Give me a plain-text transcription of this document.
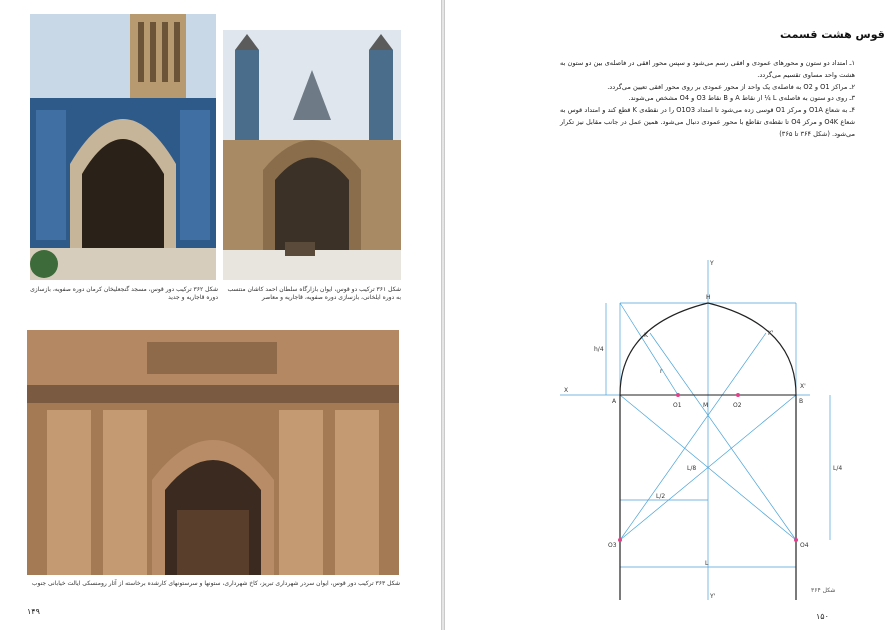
شکل ۳۶۲ ترکیب دور قوس، مسجد گنجعلیخان کرمان دوره صفویه، بازسازی دوره قاجاریه و جدید
شکل ۳۶۱ ترکیب دو قوس، ایوان بازارگاه سلطان احمد کاشان منتسب به دوره ایلخانی، بازسازی دوره صفویه، قاجاریه و معاصر
شکل ۳۶۳ ترکیب دور قوس، ایوان سردر شهرداری تبریز، کاخ شهرداری، ستونها و سرستونهای کارشده برخاسته از آثار رومنسکی ایالت خیابانی جنوب
۱۴۹
قوس هشت قسمت

۱ـ امتداد دو ستون و محورهای عمودی و افقی رسم می‌شود و سپس محور افقی در فاصله‌ی بین دو ستون به هشت واحد مساوی تقسیم می‌گردد.

۲ـ مراکز O1 و O2 به فاصله‌ی یک واحد از محور عمودی بر روی محور افقی تعیین می‌گردد.

۳ـ روی دو ستون به فاصله‌ی L ¼ از نقاط A و B نقاط O3 و O4 مشخص می‌شوند.

۴ـ به شعاع O1A و مرکز O1 قوسی زده می‌شود تا امتداد O1O3 را در نقطه‌ی K قطع کند و امتداد قوس به شعاع O4K و مرکز O4 تا نقطه‌ی تقاطع با محور عمودی دنبال می‌شود. همین عمل در جانب مقابل نیز تکرار می‌شود. (شکل ۳۶۴ تا ۳۶۵)

X
X'
Y
Y'
A	B
H
K	K'
O1	O2
O3	O4
M
L
L/2
L/8	L/4
r
h/4
شکل ۳۶۴
۱۵۰
